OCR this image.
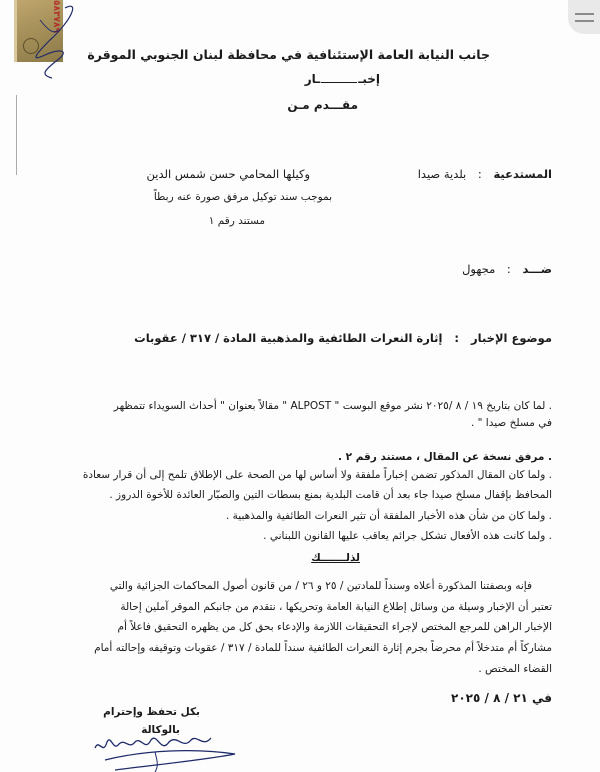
٥٨٣٧٨٩
جانب النيابة العامة الإستئنافية في محافظة لبنان الجنوبي الموقرة
إخبــار
مقـــدم مـن
المستدعية : بلدية صيدا
وكيلها المحامي حسن شمس الدين
بموجب سند توكيل مرفق صورة عنه ربطاً
مستند رقم ١
ضـــد : مجهول
موضوع الإخبار : إثارة النعرات الطائفية والمذهبية المادة / ٣١٧ / عقوبات
. لما كان بتاريخ ١٩ / ٨ /٢٠٢٥ نشر موقع البوست " ALPOST " مقالاً بعنوان " أحداث السويداء تتمظهر
في مسلخ صيدا " .
. مرفق نسخة عن المقال ، مستند رقم ٢ .
. ولما كان المقال المذكور تضمن إخباراً ملفقة ولا أساس لها من الصحة على الإطلاق تلمح إلى أن قرار سعادة
المحافظ بإقفال مسلخ صيدا جاء بعد أن قامت البلدية بمنع بسطات التين والصبّار العائدة للأخوة الدروز .
. ولما كان من شأن هذه الأخبار الملفقة أن تثير النعرات الطائفية والمذهبية .
. ولما كانت هذه الأفعال تشكل جرائم يعاقب عليها القانون اللبناني .
لذلـــــــك
فإنه وبصفتنا المذكورة أعلاه وسنداً للمادتين / ٢٥ و ٢٦ / من قانون أصول المحاكمات الجزائية والتي
تعتبر أن الإخبار وسيلة من وسائل إطلاع النيابة العامة وتحريكها ، نتقدم من جانبكم الموقر آملين إحالة
الإخبار الراهن للمرجع المختص لإجراء التحقيقات اللازمة والإدعاء بحق كل من يظهره التحقيق فاعلاً أم
مشاركاً أم متدخلاً أم محرضاً بجرم إثارة النعرات الطائفية سنداً للمادة / ٣١٧ / عقوبات وتوقيفه وإحالته أمام
القضاء المختص .
في ٢١ / ٨ / ٢٠٢٥
بكل تحفظ وإحترام
بالوكالة
